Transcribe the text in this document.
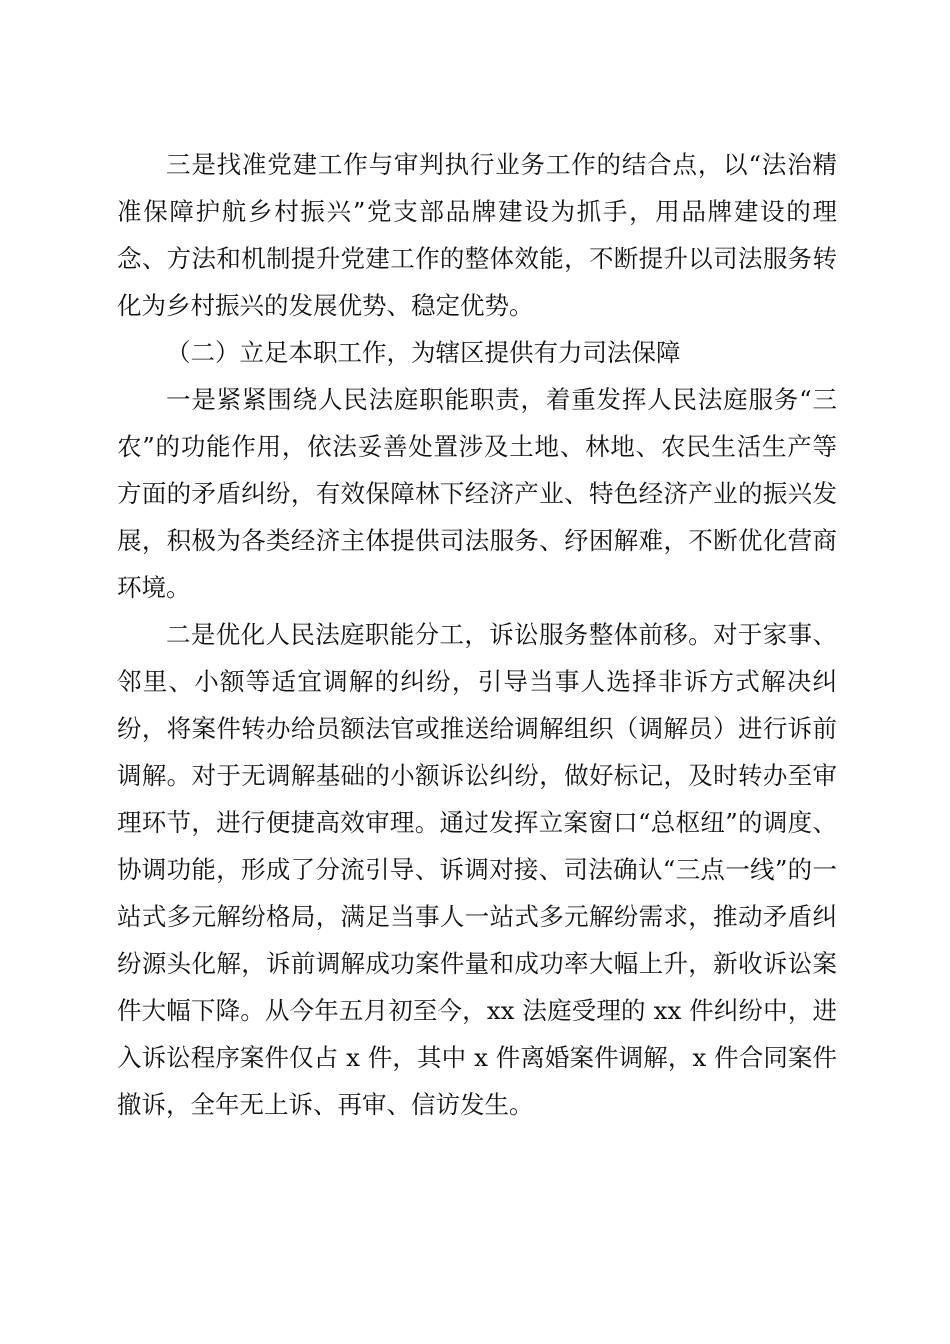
三是找准党建工作与审判执行业务工作的结合点，以“法治精准保障护航乡村振兴”党支部品牌建设为抓手，用品牌建设的理念、方法和机制提升党建工作的整体效能，不断提升以司法服务转化为乡村振兴的发展优势、稳定优势。

（二）立足本职工作，为辖区提供有力司法保障

一是紧紧围绕人民法庭职能职责，着重发挥人民法庭服务“三农”的功能作用，依法妥善处置涉及土地、林地、农民生活生产等方面的矛盾纠纷，有效保障林下经济产业、特色经济产业的振兴发展，积极为各类经济主体提供司法服务、纾困解难，不断优化营商环境。

二是优化人民法庭职能分工，诉讼服务整体前移。对于家事、邻里、小额等适宜调解的纠纷，引导当事人选择非诉方式解决纠纷，将案件转办给员额法官或推送给调解组织（调解员）进行诉前调解。对于无调解基础的小额诉讼纠纷，做好标记，及时转办至审理环节，进行便捷高效审理。通过发挥立案窗口“总枢纽”的调度、协调功能，形成了分流引导、诉调对接、司法确认“三点一线”的一站式多元解纷格局，满足当事人一站式多元解纷需求，推动矛盾纠纷源头化解，诉前调解成功案件量和成功率大幅上升，新收诉讼案件大幅下降。从今年五月初至今，xx 法庭受理的 xx 件纠纷中，进入诉讼程序案件仅占 x 件，其中 x 件离婚案件调解，x 件合同案件撤诉，全年无上诉、再审、信访发生。
